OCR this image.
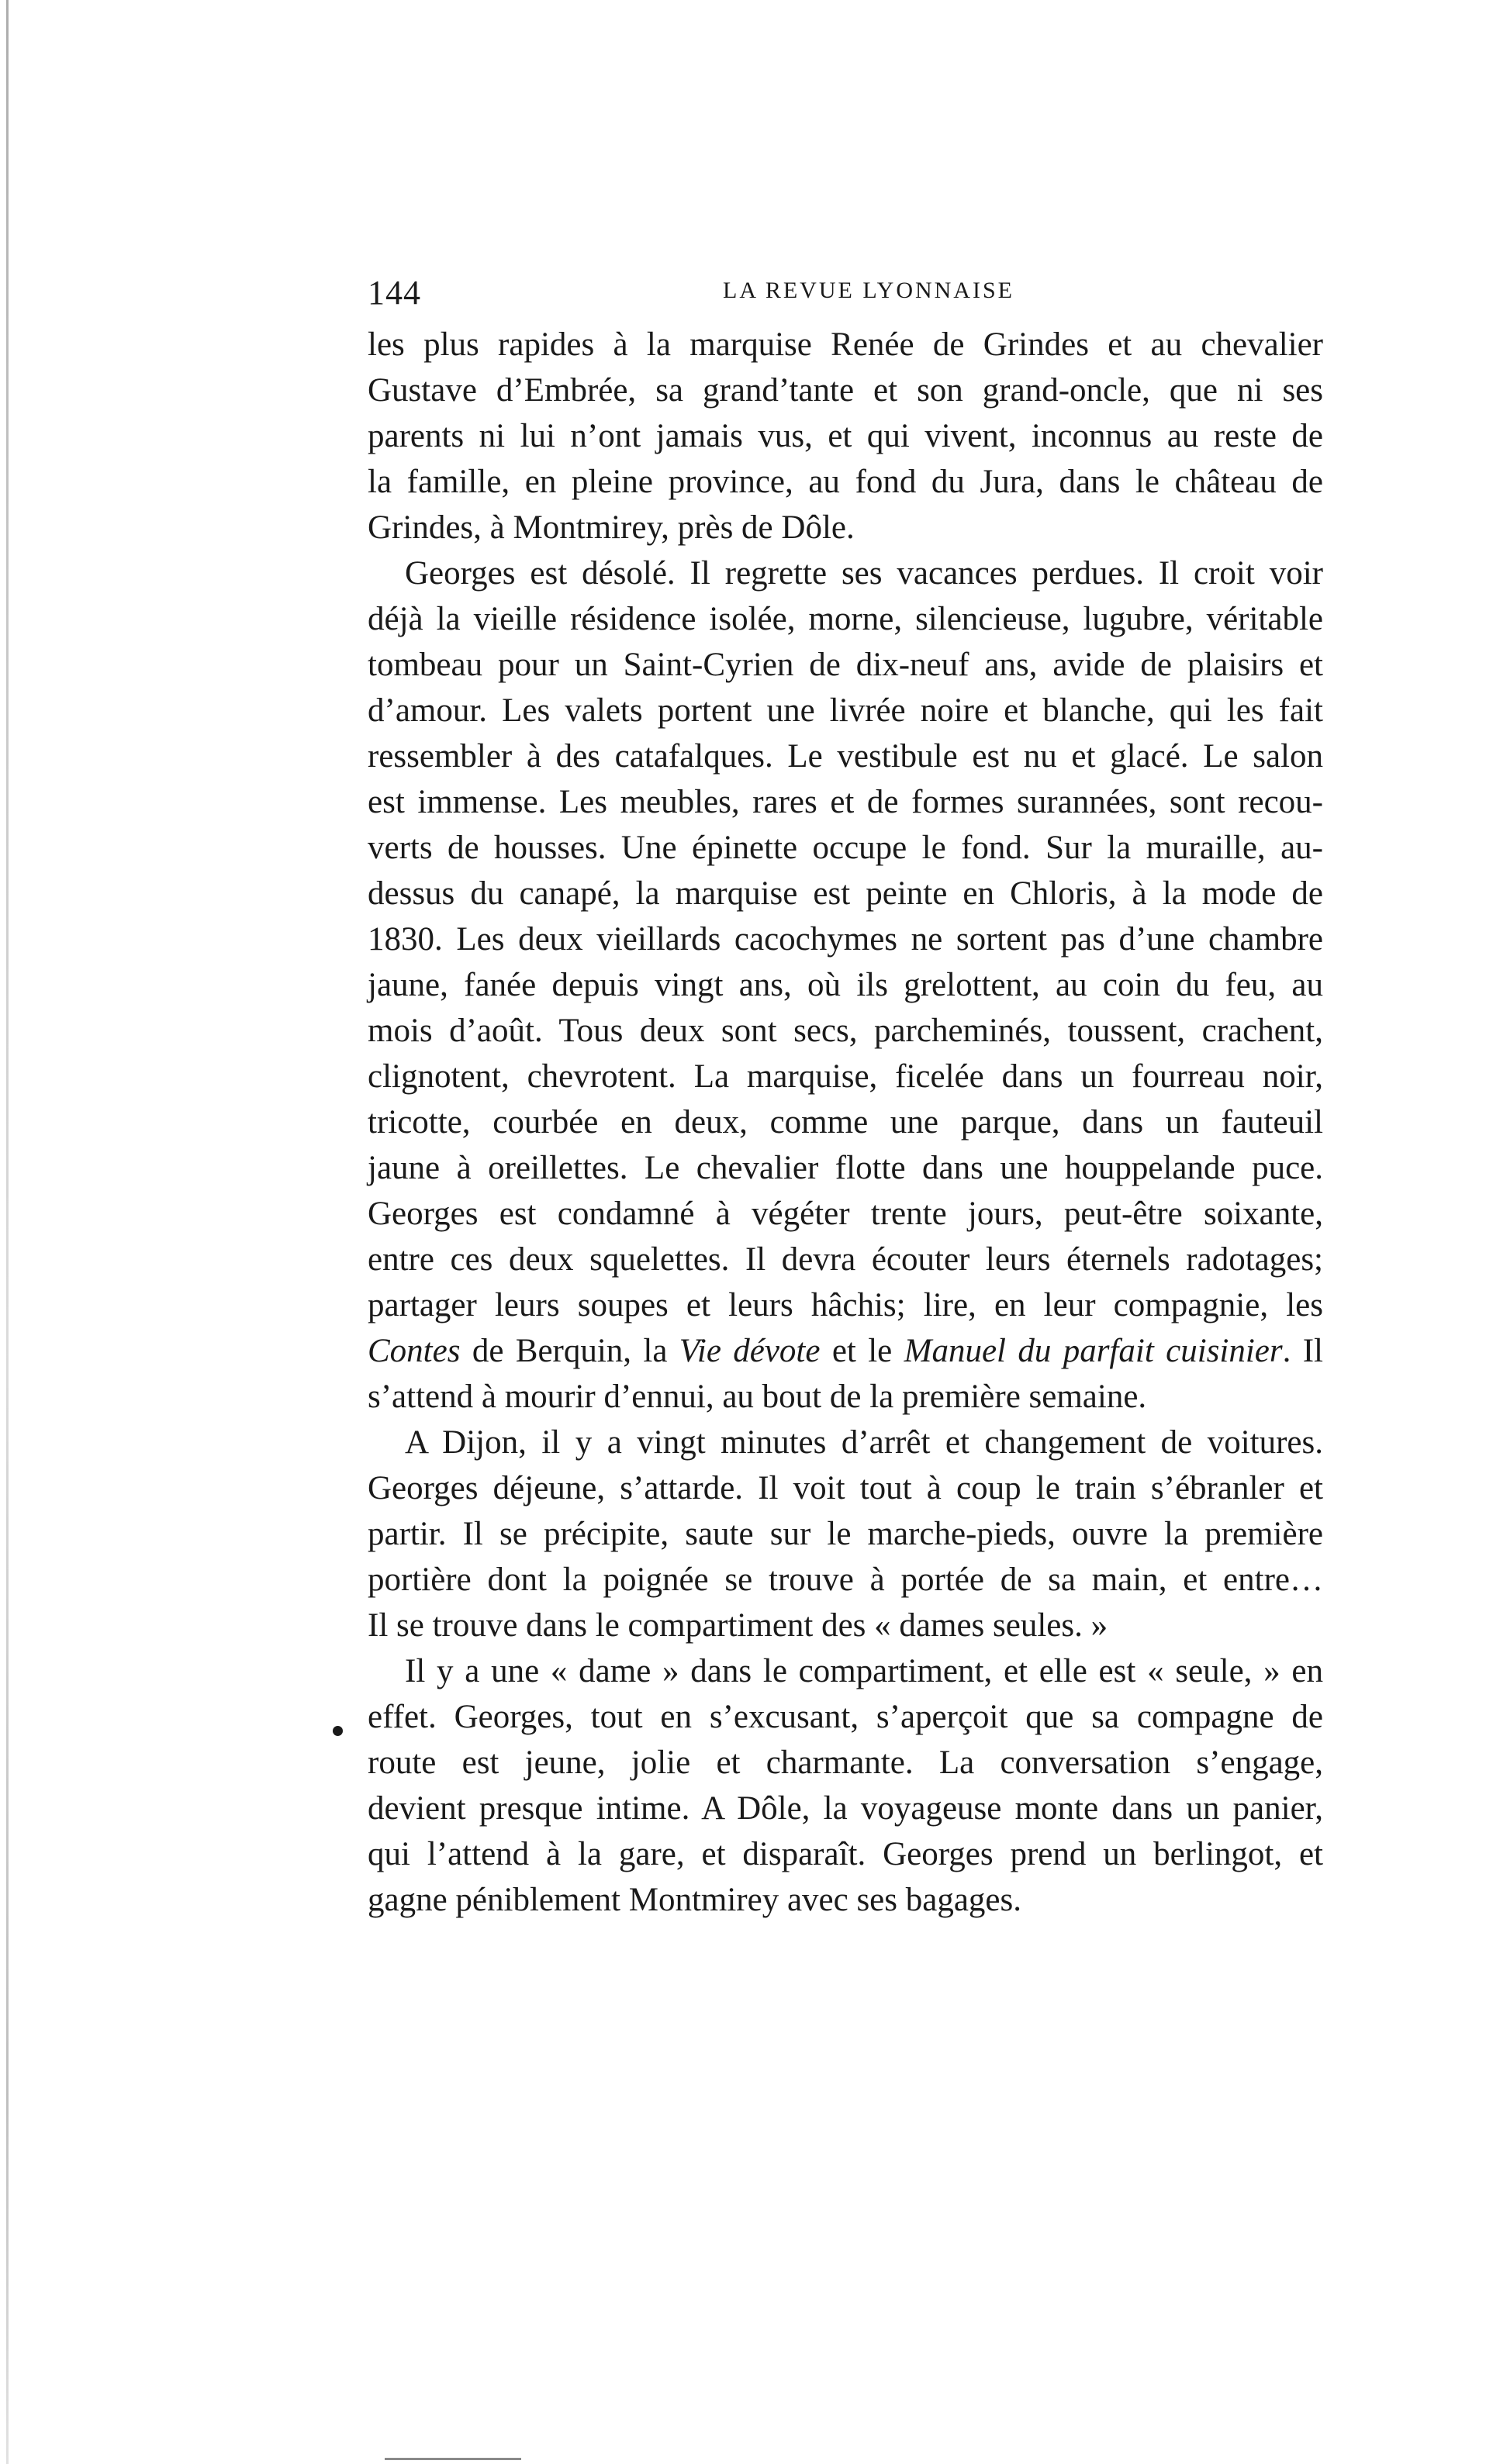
144	LA REVUE LYONNAISE
les plus rapides à la marquise Renée de Grindes et au chevalier
Gustave d’Embrée, sa grand’tante et son grand-oncle, que ni ses
parents ni lui n’ont jamais vus, et qui vivent, inconnus au reste de
la famille, en pleine province, au fond du Jura, dans le château de
Grindes, à Montmirey, près de Dôle.
Georges est désolé. Il regrette ses vacances perdues. Il croit voir
déjà la vieille résidence isolée, morne, silencieuse, lugubre, véritable
tombeau pour un Saint-Cyrien de dix-neuf ans, avide de plaisirs et
d’amour. Les valets portent une livrée noire et blanche, qui les fait
ressembler à des catafalques. Le vestibule est nu et glacé. Le salon
est immense. Les meubles, rares et de formes surannées, sont recou-
verts de housses. Une épinette occupe le fond. Sur la muraille, au-
dessus du canapé, la marquise est peinte en Chloris, à la mode de
1830. Les deux vieillards cacochymes ne sortent pas d’une chambre
jaune, fanée depuis vingt ans, où ils grelottent, au coin du feu, au
mois d’août. Tous deux sont secs, parcheminés, toussent, crachent,
clignotent, chevrotent. La marquise, ficelée dans un fourreau noir,
tricotte, courbée en deux, comme une parque, dans un fauteuil
jaune à oreillettes. Le chevalier flotte dans une houppelande puce.
Georges est condamné à végéter trente jours, peut-être soixante,
entre ces deux squelettes. Il devra écouter leurs éternels radotages;
partager leurs soupes et leurs hâchis; lire, en leur compagnie, les
Contes de Berquin, la Vie dévote et le Manuel du parfait cuisinier. Il
s’attend à mourir d’ennui, au bout de la première semaine.
A Dijon, il y a vingt minutes d’arrêt et changement de voitures.
Georges déjeune, s’attarde. Il voit tout à coup le train s’ébranler et
partir. Il se précipite, saute sur le marche-pieds, ouvre la première
portière dont la poignée se trouve à portée de sa main, et entre…
Il se trouve dans le compartiment des « dames seules. »
Il y a une « dame » dans le compartiment, et elle est « seule, » en
effet. Georges, tout en s’excusant, s’aperçoit que sa compagne de
route est jeune, jolie et charmante. La conversation s’engage,
devient presque intime. A Dôle, la voyageuse monte dans un panier,
qui l’attend à la gare, et disparaît. Georges prend un berlingot, et
gagne péniblement Montmirey avec ses bagages.
